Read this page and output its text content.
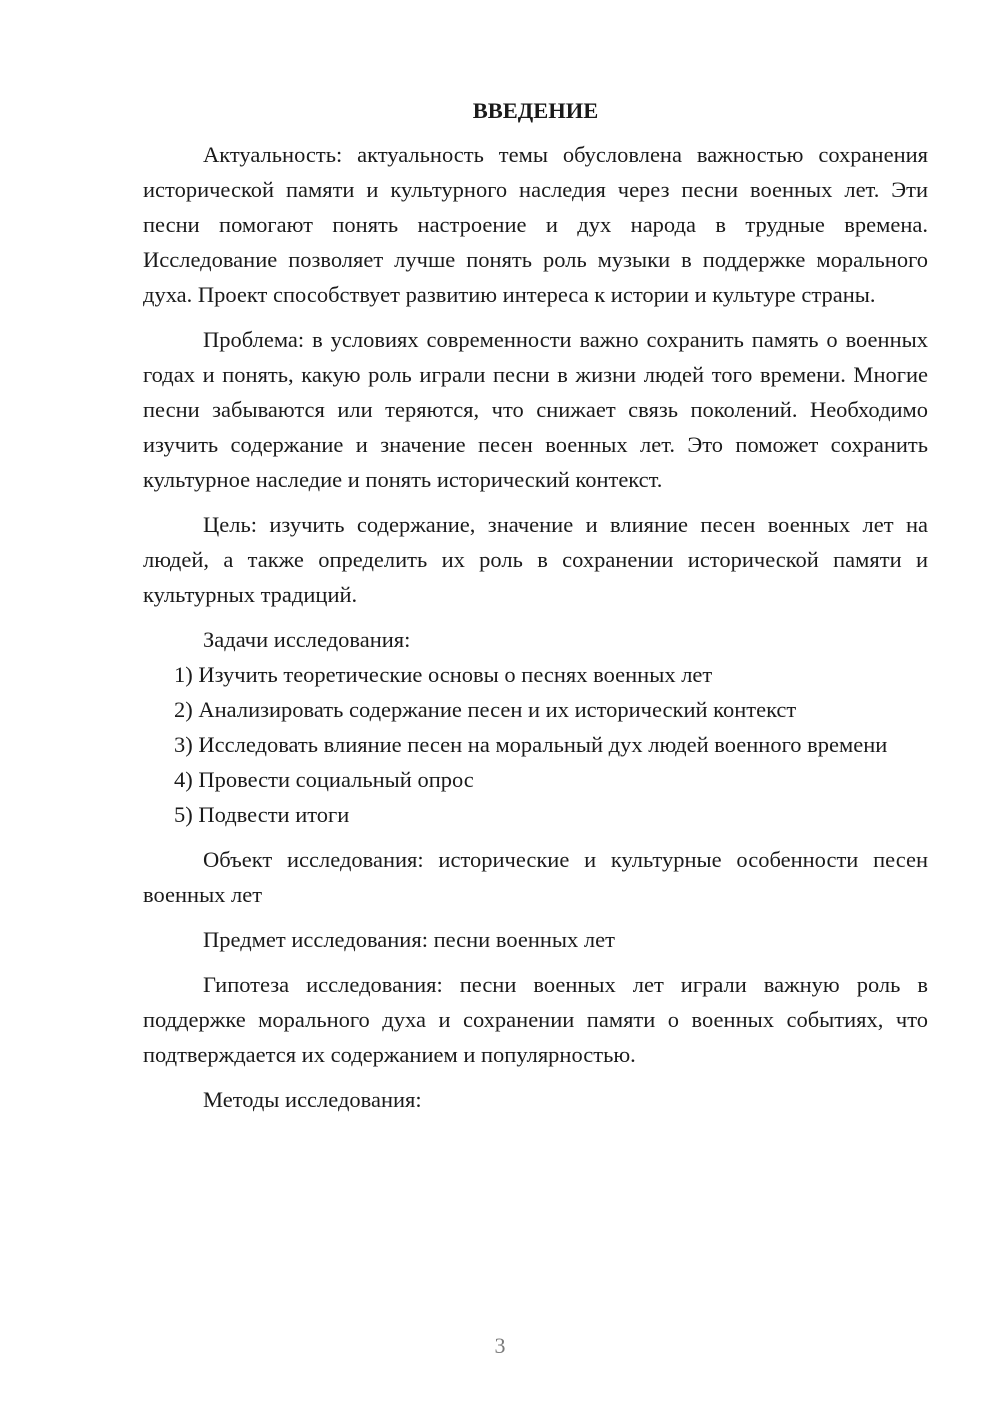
ВВЕДЕНИЕ

Актуальность: актуальность темы обусловлена важностью сохранения исторической памяти и культурного наследия через песни военных лет. Эти песни помогают понять настроение и дух народа в трудные времена. Исследование позволяет лучше понять роль музыки в поддержке морального духа. Проект способствует развитию интереса к истории и культуре страны.

Проблема: в условиях современности важно сохранить память о военных годах и понять, какую роль играли песни в жизни людей того времени. Многие песни забываются или теряются, что снижает связь поколений. Необходимо изучить содержание и значение песен военных лет. Это поможет сохранить культурное наследие и понять исторический контекст.

Цель: изучить содержание, значение и влияние песен военных лет на людей, а также определить их роль в сохранении исторической памяти и культурных традиций.

Задачи исследования:

1) Изучить теоретические основы о песнях военных лет

2) Анализировать содержание песен и их исторический контекст

3) Исследовать влияние песен на моральный дух людей военного времени

4) Провести социальный опрос

5) Подвести итоги

Объект исследования: исторические и культурные особенности песен военных лет

Предмет исследования: песни военных лет

Гипотеза исследования: песни военных лет играли важную роль в поддержке морального духа и сохранении памяти о военных событиях, что подтверждается их содержанием и популярностью.

Методы исследования:

3
